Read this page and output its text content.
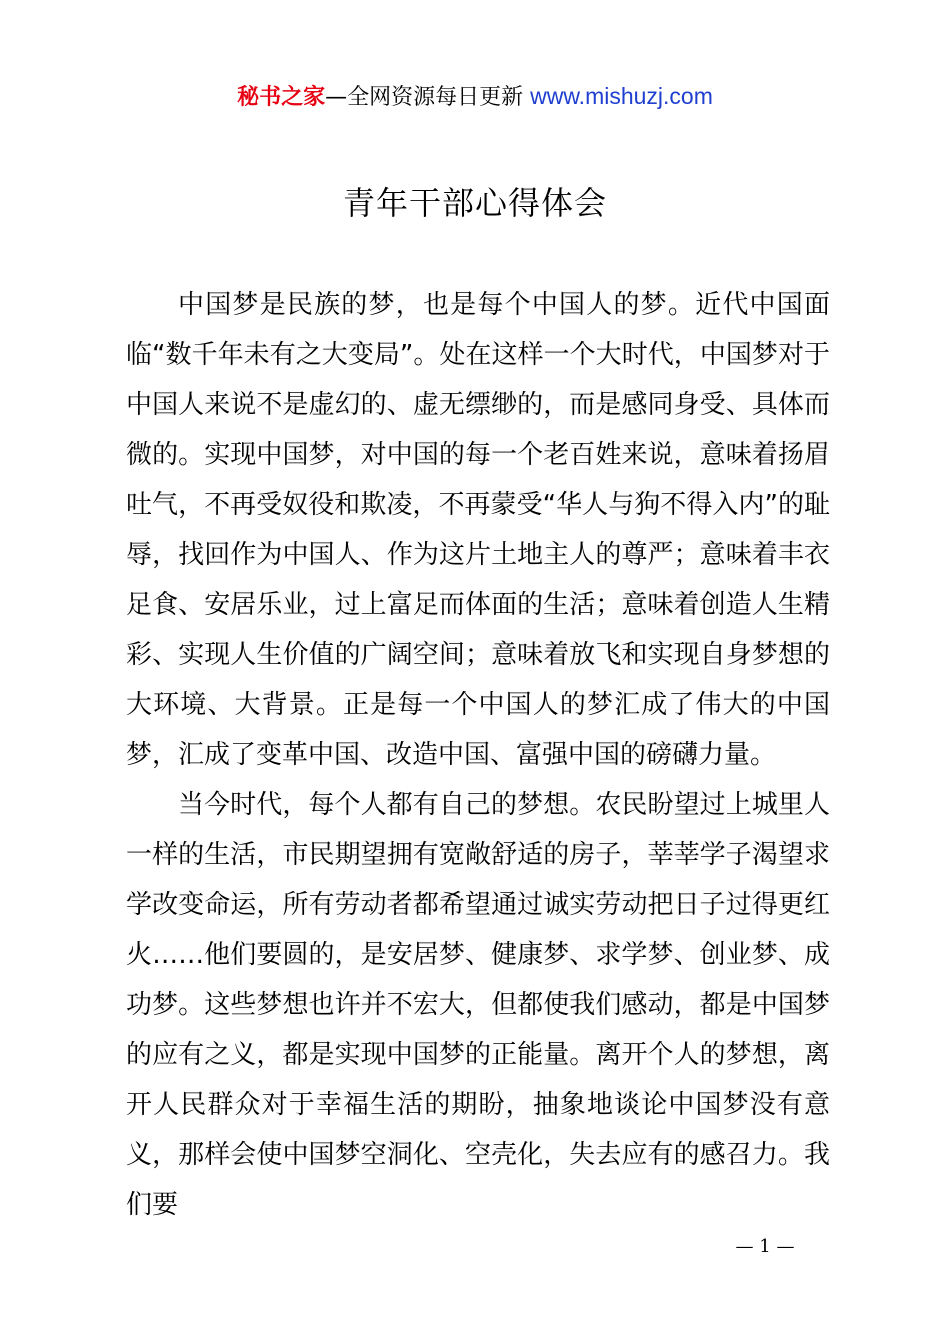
秘书之家—全网资源每日更新 www.mishuzj.com
青年干部心得体会

中国梦是民族的梦，也是每个中国人的梦。近代中国面临“数千年未有之大变局”。处在这样一个大时代，中国梦对于中国人来说不是虚幻的、虚无缥缈的，而是感同身受、具体而微的。实现中国梦，对中国的每一个老百姓来说，意味着扬眉吐气，不再受奴役和欺凌，不再蒙受“华人与狗不得入内”的耻辱，找回作为中国人、作为这片土地主人的尊严；意味着丰衣足食、安居乐业，过上富足而体面的生活；意味着创造人生精彩、实现人生价值的广阔空间；意味着放飞和实现自身梦想的大环境、大背景。正是每一个中国人的梦汇成了伟大的中国梦，汇成了变革中国、改造中国、富强中国的磅礴力量。

当今时代，每个人都有自己的梦想。农民盼望过上城里人一样的生活，市民期望拥有宽敞舒适的房子，莘莘学子渴望求学改变命运，所有劳动者都希望通过诚实劳动把日子过得更红火……他们要圆的，是安居梦、健康梦、求学梦、创业梦、成功梦。这些梦想也许并不宏大，但都使我们感动，都是中国梦的应有之义，都是实现中国梦的正能量。离开个人的梦想，离开人民群众对于幸福生活的期盼，抽象地谈论中国梦没有意义，那样会使中国梦空洞化、空壳化，失去应有的感召力。我们要

— 1 —
